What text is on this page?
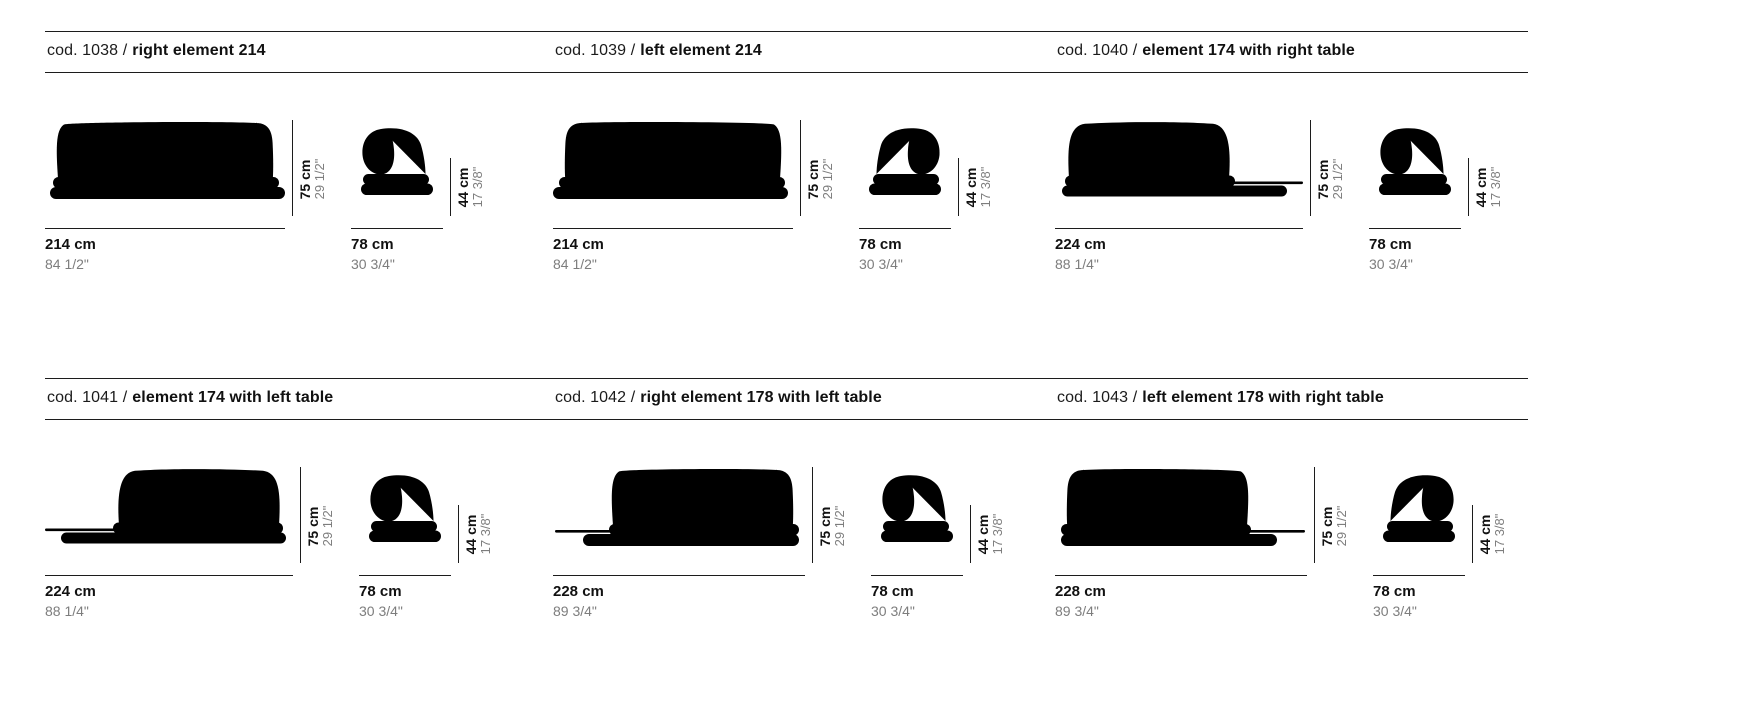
cod. 1038 / right element 214	cod. 1039 / left element 214	cod. 1040 / element 174 with right table
75 cm 29 1/2"
214 cm
84 1/2"
44 cm 17 3/8"
78 cm
30 3/4"
75 cm 29 1/2"
214 cm
84 1/2"
44 cm 17 3/8"
78 cm
30 3/4"
75 cm 29 1/2"
224 cm
88 1/4"
44 cm 17 3/8"
78 cm
30 3/4"
cod. 1041 / element 174 with left table	cod. 1042 / right element 178 with left table	cod. 1043 / left element 178 with right table
75 cm 29 1/2"
224 cm
88 1/4"
44 cm 17 3/8"
78 cm
30 3/4"
75 cm 29 1/2"
228 cm
89 3/4"
44 cm 17 3/8"
78 cm
30 3/4"
75 cm 29 1/2"
228 cm
89 3/4"
44 cm 17 3/8"
78 cm
30 3/4"
